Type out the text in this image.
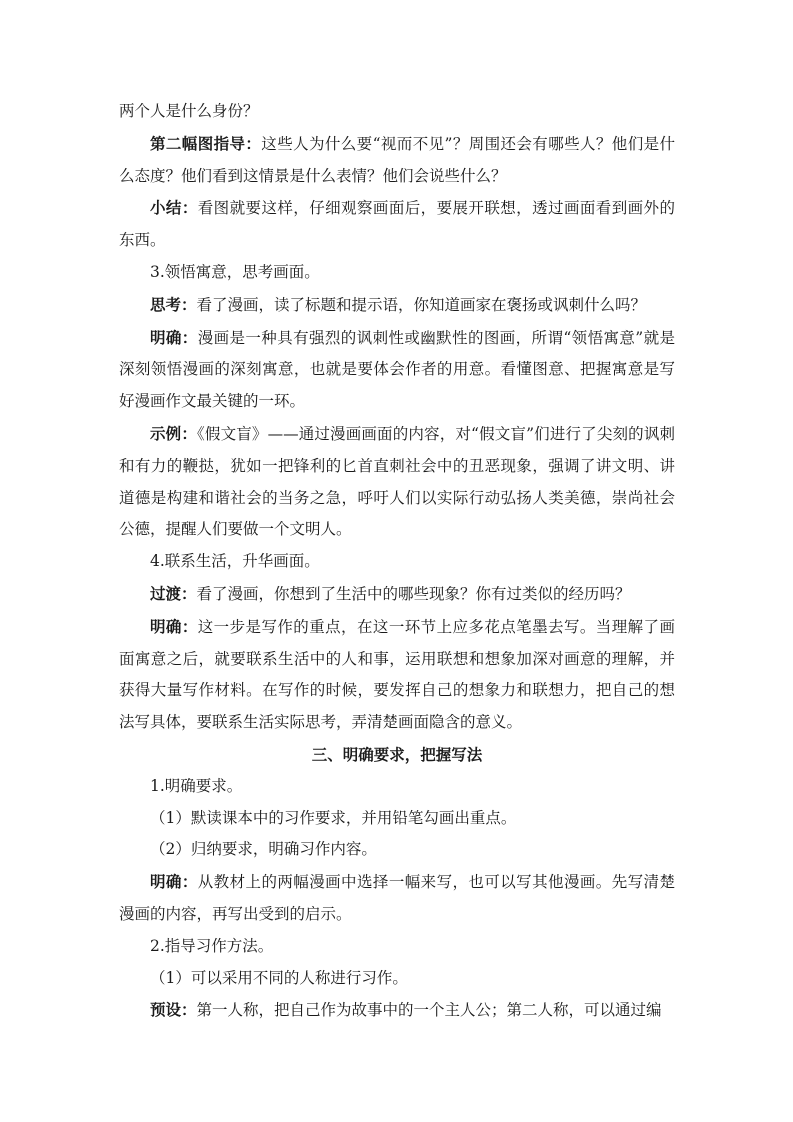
两个人是什么身份？

第二幅图指导：这些人为什么要“视而不见”？周围还会有哪些人？他们是什么态度？他们看到这情景是什么表情？他们会说些什么？

小结：看图就要这样，仔细观察画面后，要展开联想，透过画面看到画外的东西。

3.领悟寓意，思考画面。

思考：看了漫画，读了标题和提示语，你知道画家在褒扬或讽刺什么吗？

明确：漫画是一种具有强烈的讽刺性或幽默性的图画，所谓“领悟寓意”就是深刻领悟漫画的深刻寓意，也就是要体会作者的用意。看懂图意、把握寓意是写好漫画作文最关键的一环。

示例：《假文盲》——通过漫画画面的内容，对“假文盲”们进行了尖刻的讽刺和有力的鞭挞，犹如一把锋利的匕首直刺社会中的丑恶现象，强调了讲文明、讲道德是构建和谐社会的当务之急，呼吁人们以实际行动弘扬人类美德，崇尚社会公德，提醒人们要做一个文明人。

4.联系生活，升华画面。

过渡：看了漫画，你想到了生活中的哪些现象？你有过类似的经历吗？

明确：这一步是写作的重点，在这一环节上应多花点笔墨去写。当理解了画面寓意之后，就要联系生活中的人和事，运用联想和想象加深对画意的理解，并获得大量写作材料。在写作的时候，要发挥自己的想象力和联想力，把自己的想法写具体，要联系生活实际思考，弄清楚画面隐含的意义。

三、明确要求，把握写法

1.明确要求。

（1）默读课本中的习作要求，并用铅笔勾画出重点。

（2）归纳要求，明确习作内容。

明确：从教材上的两幅漫画中选择一幅来写，也可以写其他漫画。先写清楚漫画的内容，再写出受到的启示。

2.指导习作方法。

（1）可以采用不同的人称进行习作。

预设：第一人称，把自己作为故事中的一个主人公；第二人称，可以通过编
